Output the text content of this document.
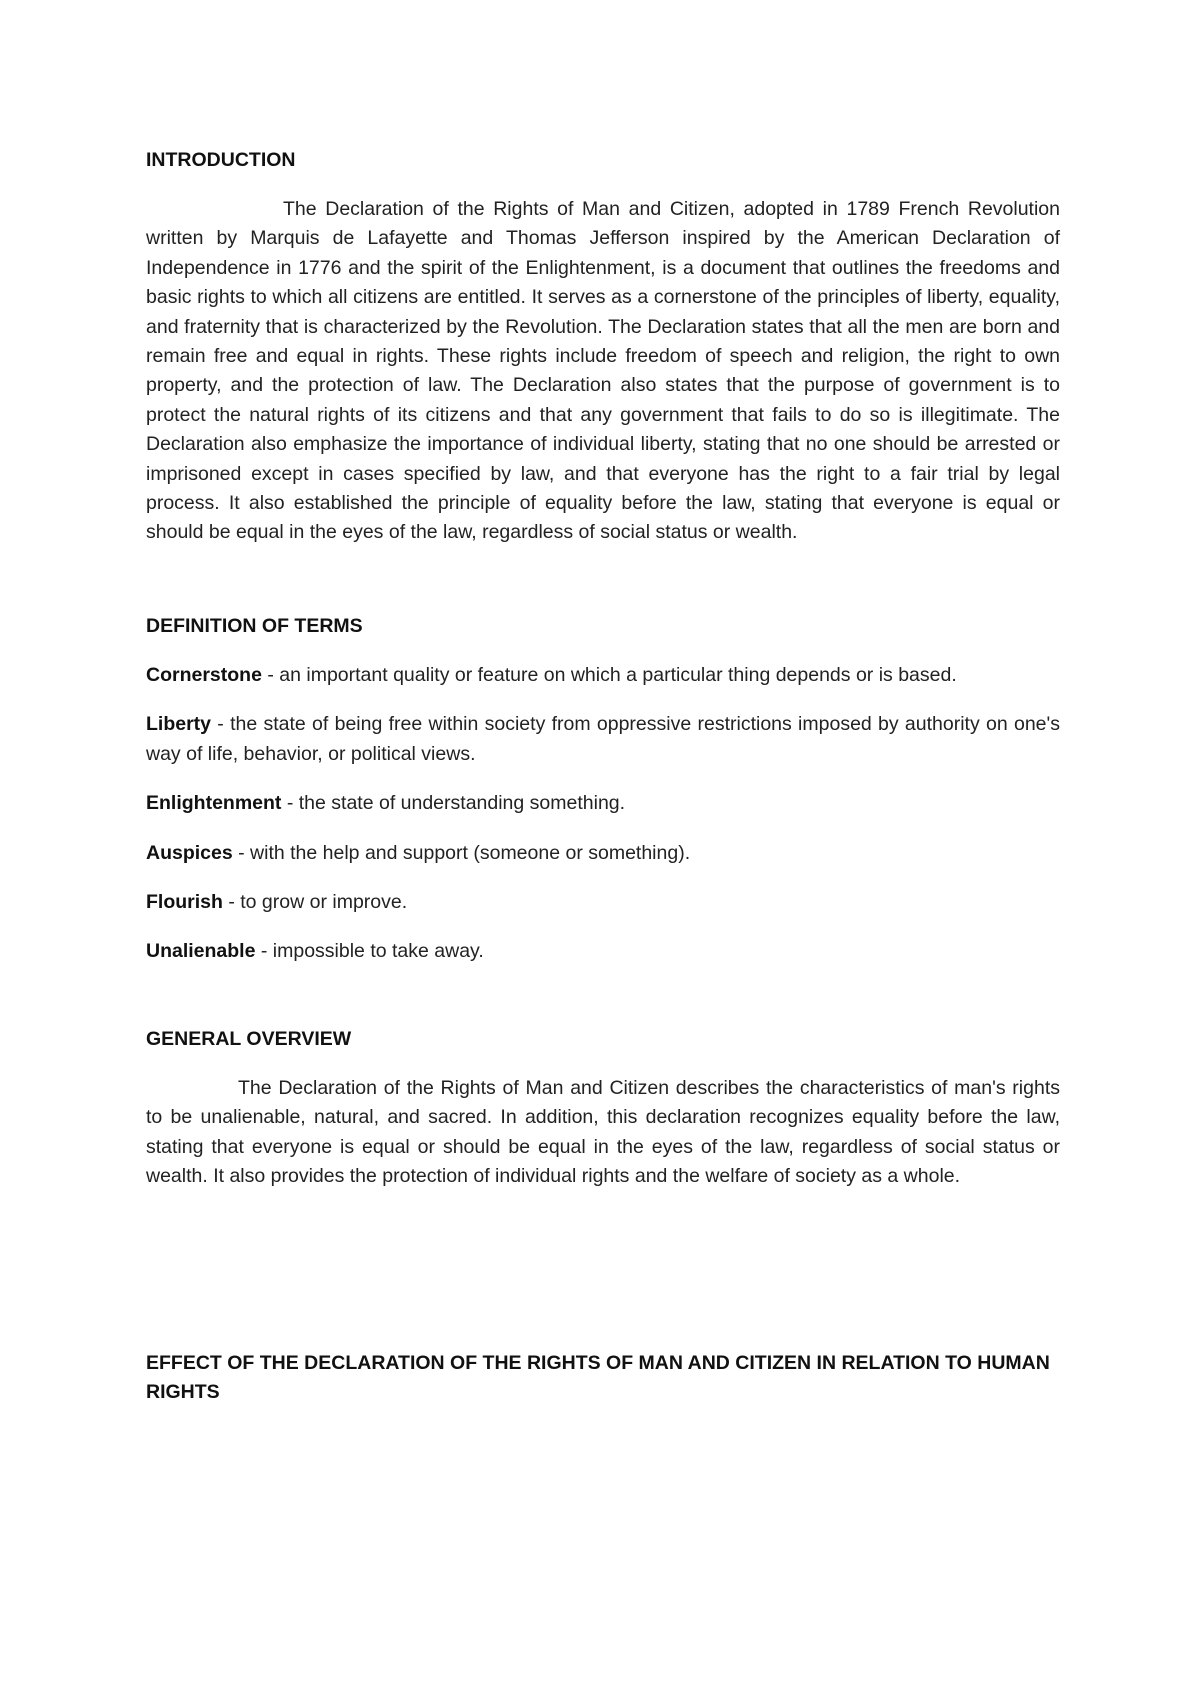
INTRODUCTION

The Declaration of the Rights of Man and Citizen, adopted in 1789 French Revolution written by Marquis de Lafayette and Thomas Jefferson inspired by the American Declaration of Independence in 1776 and the spirit of the Enlightenment, is a document that outlines the freedoms and basic rights to which all citizens are entitled. It serves as a cornerstone of the principles of liberty, equality, and fraternity that is characterized by the Revolution. The Declaration states that all the men are born and remain free and equal in rights. These rights include freedom of speech and religion, the right to own property, and the protection of law. The Declaration also states that the purpose of government is to protect the natural rights of its citizens and that any government that fails to do so is illegitimate. The Declaration also emphasize the importance of individual liberty, stating that no one should be arrested or imprisoned except in cases specified by law, and that everyone has the right to a fair trial by legal process. It also established the principle of equality before the law, stating that everyone is equal or should be equal in the eyes of the law, regardless of social status or wealth.

DEFINITION OF TERMS

Cornerstone - an important quality or feature on which a particular thing depends or is based.

Liberty - the state of being free within society from oppressive restrictions imposed by authority on one's way of life, behavior, or political views.

Enlightenment - the state of understanding something.

Auspices - with the help and support (someone or something).

Flourish - to grow or improve.

Unalienable - impossible to take away.

GENERAL OVERVIEW

The Declaration of the Rights of Man and Citizen describes the characteristics of man's rights to be unalienable, natural, and sacred. In addition, this declaration recognizes equality before the law, stating that everyone is equal or should be equal in the eyes of the law, regardless of social status or wealth. It also provides the protection of individual rights and the welfare of society as a whole.

EFFECT OF THE DECLARATION OF THE RIGHTS OF MAN AND CITIZEN IN RELATION TO HUMAN RIGHTS
